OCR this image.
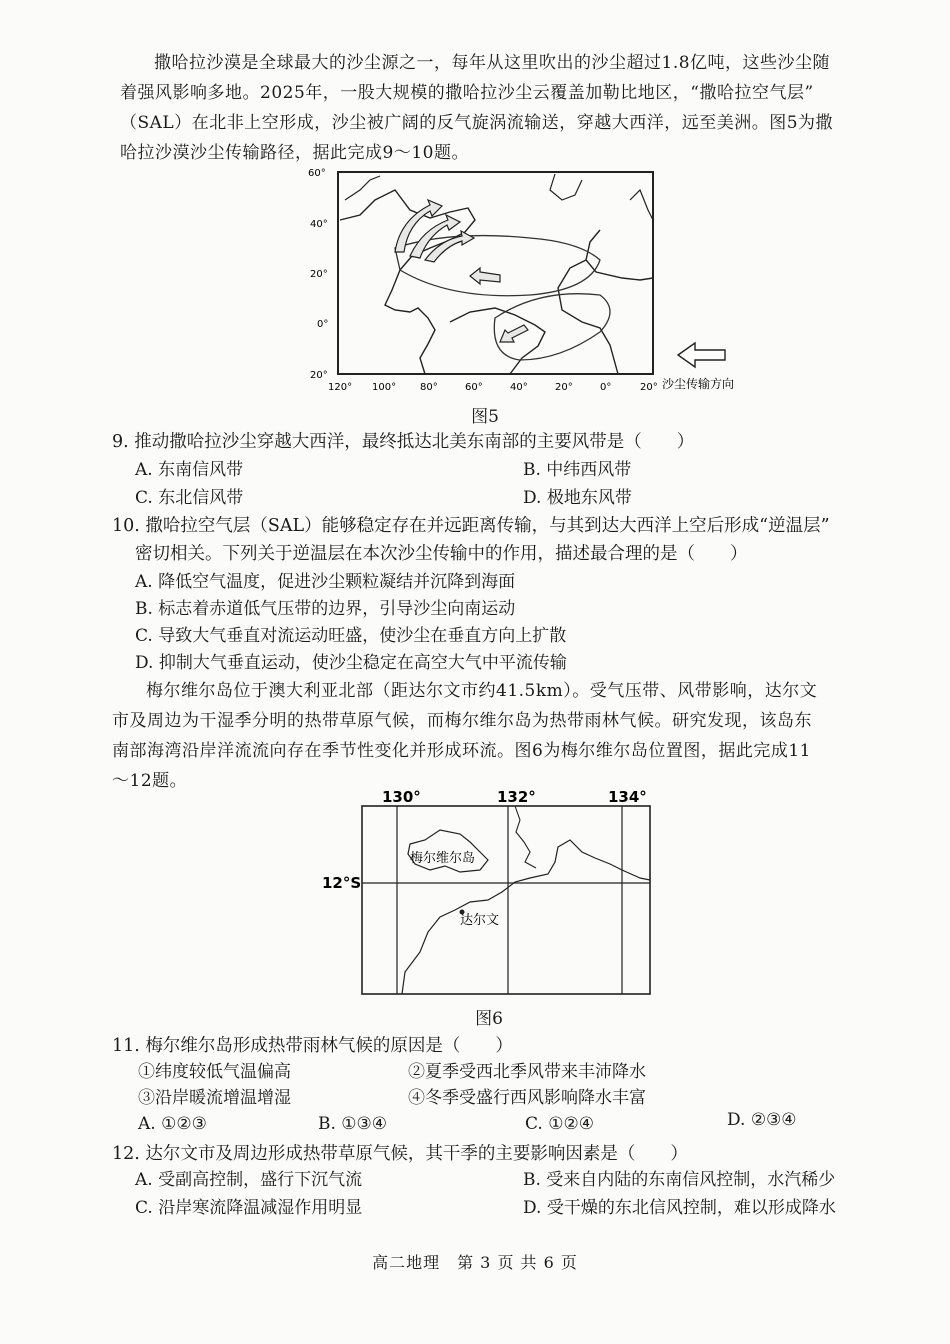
撒哈拉沙漠是全球最大的沙尘源之一，每年从这里吹出的沙尘超过1.8亿吨，这些沙尘随
着强风影响多地。2025年，一股大规模的撒哈拉沙尘云覆盖加勒比地区，“撒哈拉空气层”
（SAL）在北非上空形成，沙尘被广阔的反气旋涡流输送，穿越大西洋，远至美洲。图5为撒
哈拉沙漠沙尘传输路径，据此完成9～10题。
60°
40°
20°
0°
20°
120° 100° 80°	60°	40°	20°	0°	20° 沙尘传输方向
图5
9. 推动撒哈拉沙尘穿越大西洋，最终抵达北美东南部的主要风带是（　　）
A. 东南信风带	B. 中纬西风带
C. 东北信风带	D. 极地东风带
10. 撒哈拉空气层（SAL）能够稳定存在并远距离传输，与其到达大西洋上空后形成“逆温层”
密切相关。下列关于逆温层在本次沙尘传输中的作用，描述最合理的是（　　）
A. 降低空气温度，促进沙尘颗粒凝结并沉降到海面
B. 标志着赤道低气压带的边界，引导沙尘向南运动
C. 导致大气垂直对流运动旺盛，使沙尘在垂直方向上扩散
D. 抑制大气垂直运动，使沙尘稳定在高空大气中平流传输
梅尔维尔岛位于澳大利亚北部（距达尔文市约41.5km）。受气压带、风带影响，达尔文
市及周边为干湿季分明的热带草原气候，而梅尔维尔岛为热带雨林气候。研究发现，该岛东
南部海湾沿岸洋流流向存在季节性变化并形成环流。图6为梅尔维尔岛位置图，据此完成11
～12题。
130°	132°	134°
12°S
梅尔维尔岛
达尔文
图6
11. 梅尔维尔岛形成热带雨林气候的原因是（　　）
①纬度较低气温偏高	②夏季受西北季风带来丰沛降水
③沿岸暖流增温增湿	④冬季受盛行西风影响降水丰富
A. ①②③	B. ①③④	C. ①②④	D. ②③④
12. 达尔文市及周边形成热带草原气候，其干季的主要影响因素是（　　）
A. 受副高控制，盛行下沉气流	B. 受来自内陆的东南信风控制，水汽稀少
C. 沿岸寒流降温减湿作用明显	D. 受干燥的东北信风控制，难以形成降水
高二地理　第 3 页 共 6 页
